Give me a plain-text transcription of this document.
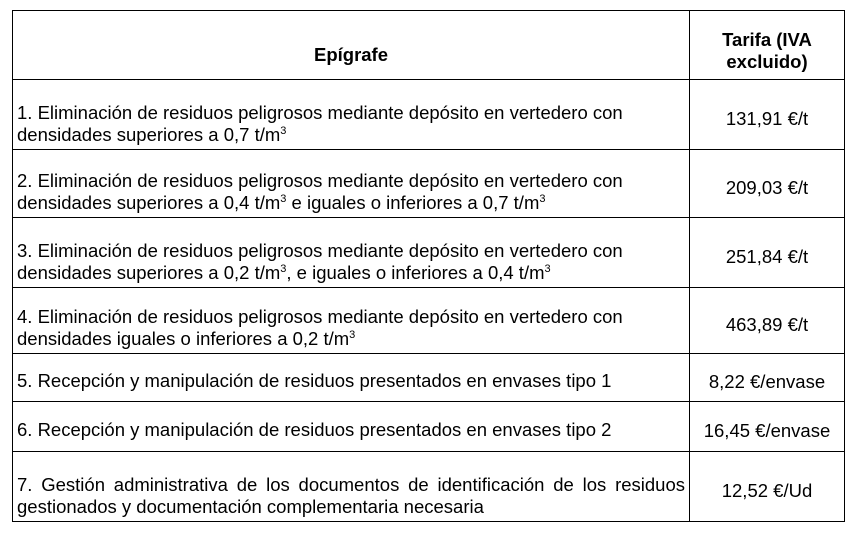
Epígrafe	Tarifa (IVA excluido)
1. Eliminación de residuos peligrosos mediante depósito en vertedero con
densidades superiores a 0,7 $t/m^3$	131,91 €/t
2. Eliminación de residuos peligrosos mediante depósito en vertedero con
densidades superiores a 0,4 $t/m^3$ e iguales o inferiores a 0,7 $t/m^3$	209,03 €/t
3. Eliminación de residuos peligrosos mediante depósito en vertedero con
densidades superiores a 0,2 $t/m^3$, e iguales o inferiores a 0,4 $t/m^3$	251,84 €/t
4. Eliminación de residuos peligrosos mediante depósito en vertedero con
densidades iguales o inferiores a 0,2 $t/m^3$	463,89 €/t
5. Recepción y manipulación de residuos presentados en envases tipo 1	8,22 €/envase
6. Recepción y manipulación de residuos presentados en envases tipo 2	16,45 €/envase
7. Gestión administrativa de los documentos de identificación de los residuos gestionados y documentación complementaria necesaria	12,52 €/Ud
